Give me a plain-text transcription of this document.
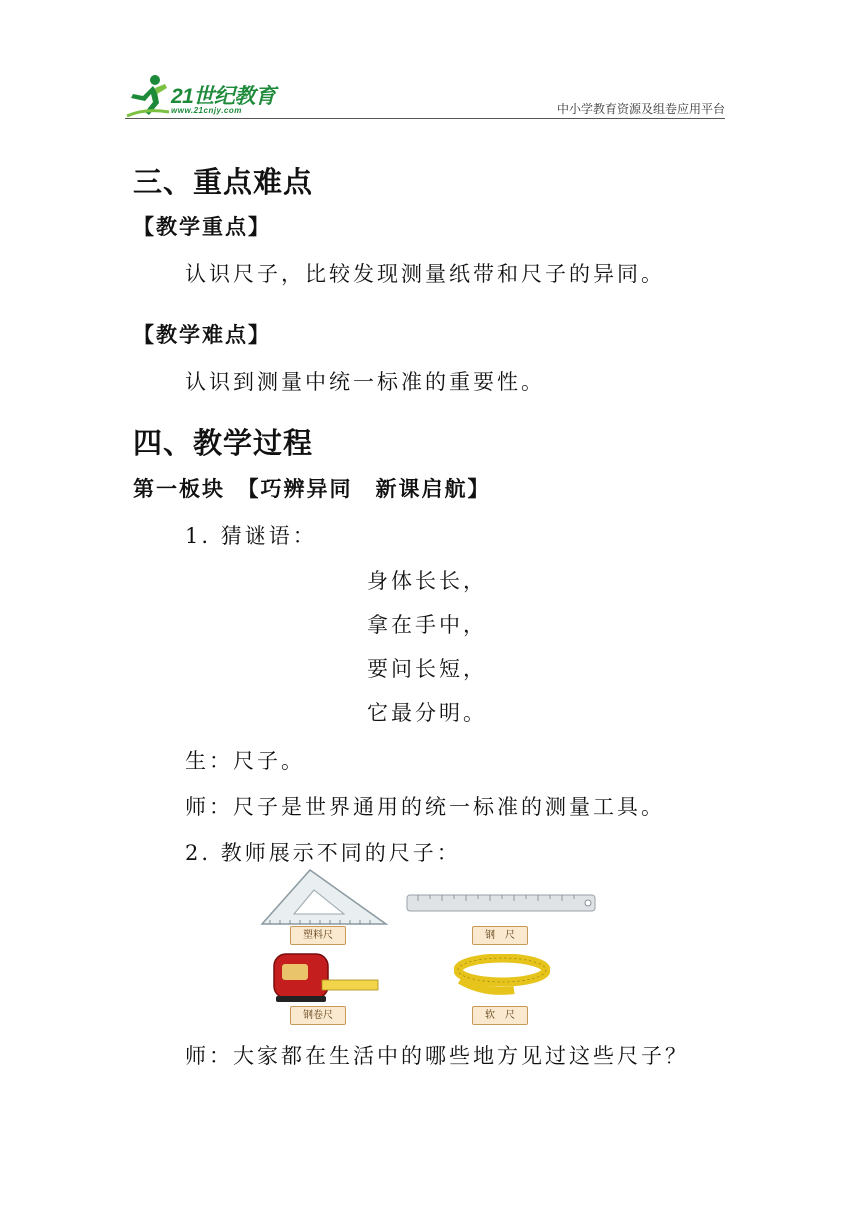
21世纪教育
www.21cnjy.com	中小学教育资源及组卷应用平台
三、重点难点
【教学重点】
认识尺子，比较发现测量纸带和尺子的异同。
【教学难点】
认识到测量中统一标准的重要性。
四、教学过程
第一板块　【巧辨异同　新课启航】
1. 猜谜语：
身体长长，
拿在手中，
要问长短，
它最分明。
生：尺子。
师：尺子是世界通用的统一标准的测量工具。
2. 教师展示不同的尺子：
塑料尺	钢　尺
钢卷尺	软　尺
师：大家都在生活中的哪些地方见过这些尺子？
